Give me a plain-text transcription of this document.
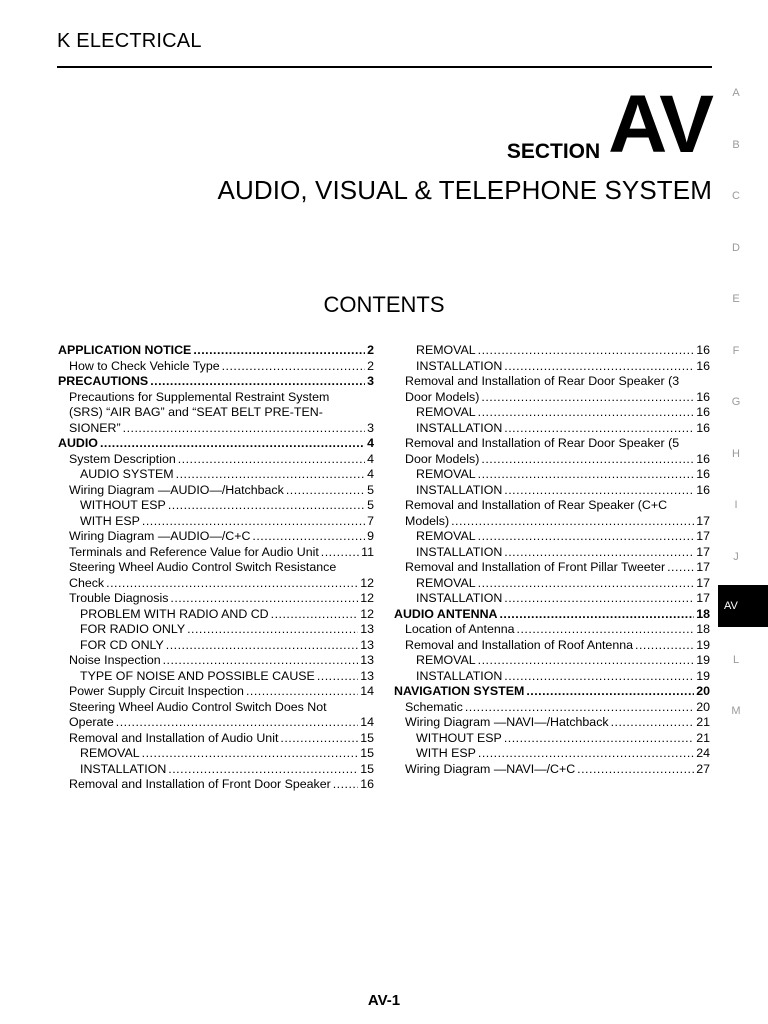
K ELECTRICAL
SECTION AV
AUDIO, VISUAL & TELEPHONE SYSTEM
CONTENTS
APPLICATION NOTICE .....	2
How to Check Vehicle Type .....	2
PRECAUTIONS .....	3
Precautions for Supplemental Restraint System
(SRS) “AIR BAG” and “SEAT BELT PRE-TEN-
SIONER” .....	3
AUDIO .....	4
System Description .....	4
AUDIO SYSTEM .....	4
Wiring Diagram —AUDIO—/Hatchback .....	5
WITHOUT ESP .....	5
WITH ESP .....	7
Wiring Diagram —AUDIO—/C+C .....	9
Terminals and Reference Value for Audio Unit .....	11
Steering Wheel Audio Control Switch Resistance
Check .....	12
Trouble Diagnosis .....	12
PROBLEM WITH RADIO AND CD .....	12
FOR RADIO ONLY .....	13
FOR CD ONLY .....	13
Noise Inspection .....	13
TYPE OF NOISE AND POSSIBLE CAUSE .....	13
Power Supply Circuit Inspection .....	14
Steering Wheel Audio Control Switch Does Not
Operate .....	14
Removal and Installation of Audio Unit .....	15
REMOVAL .....	15
INSTALLATION .....	15
Removal and Installation of Front Door Speaker ..... 16
REMOVAL .....	16
INSTALLATION .....	16
Removal and Installation of Rear Door Speaker (3
Door Models) .....	16
REMOVAL .....	16
INSTALLATION .....	16
Removal and Installation of Rear Door Speaker (5
Door Models) .....	16
REMOVAL .....	16
INSTALLATION .....	16
Removal and Installation of Rear Speaker (C+C
Models) .....	17
REMOVAL .....	17
INSTALLATION .....	17
Removal and Installation of Front Pillar Tweeter .....	17
REMOVAL .....	17
INSTALLATION .....	17
AUDIO ANTENNA .....	18
Location of Antenna .....	18
Removal and Installation of Roof Antenna .....	19
REMOVAL .....	19
INSTALLATION .....	19
NAVIGATION SYSTEM .....	20
Schematic .....	20
Wiring Diagram —NAVI—/Hatchback .....	21
WITHOUT ESP .....	21
WITH ESP .....	24
Wiring Diagram —NAVI—/C+C .....	27
A
B
C
D
E
F
G
H
I
J
AV
L
M
AV-1
